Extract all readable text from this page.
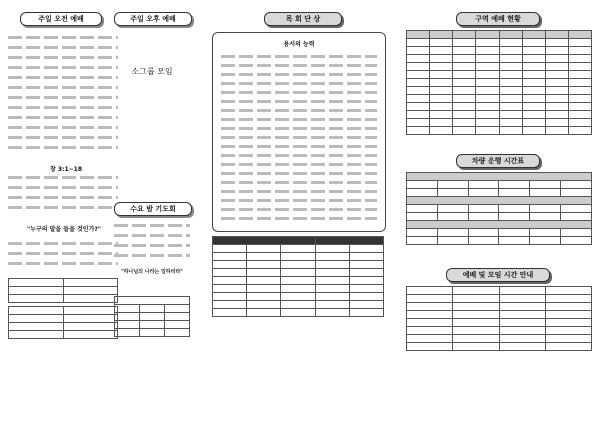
주일 오전 예배
창 3:1~18
"누구의 말을 들을 것인가?"

주일 오후 예배
소그룹 모임
수요 밤 기도회
"하나님의 나라는 임하리라"

목 회 단 상
용서의 능력

구역 예배 현황

차량 운행 시간표

예배 및 모임 시간 안내
